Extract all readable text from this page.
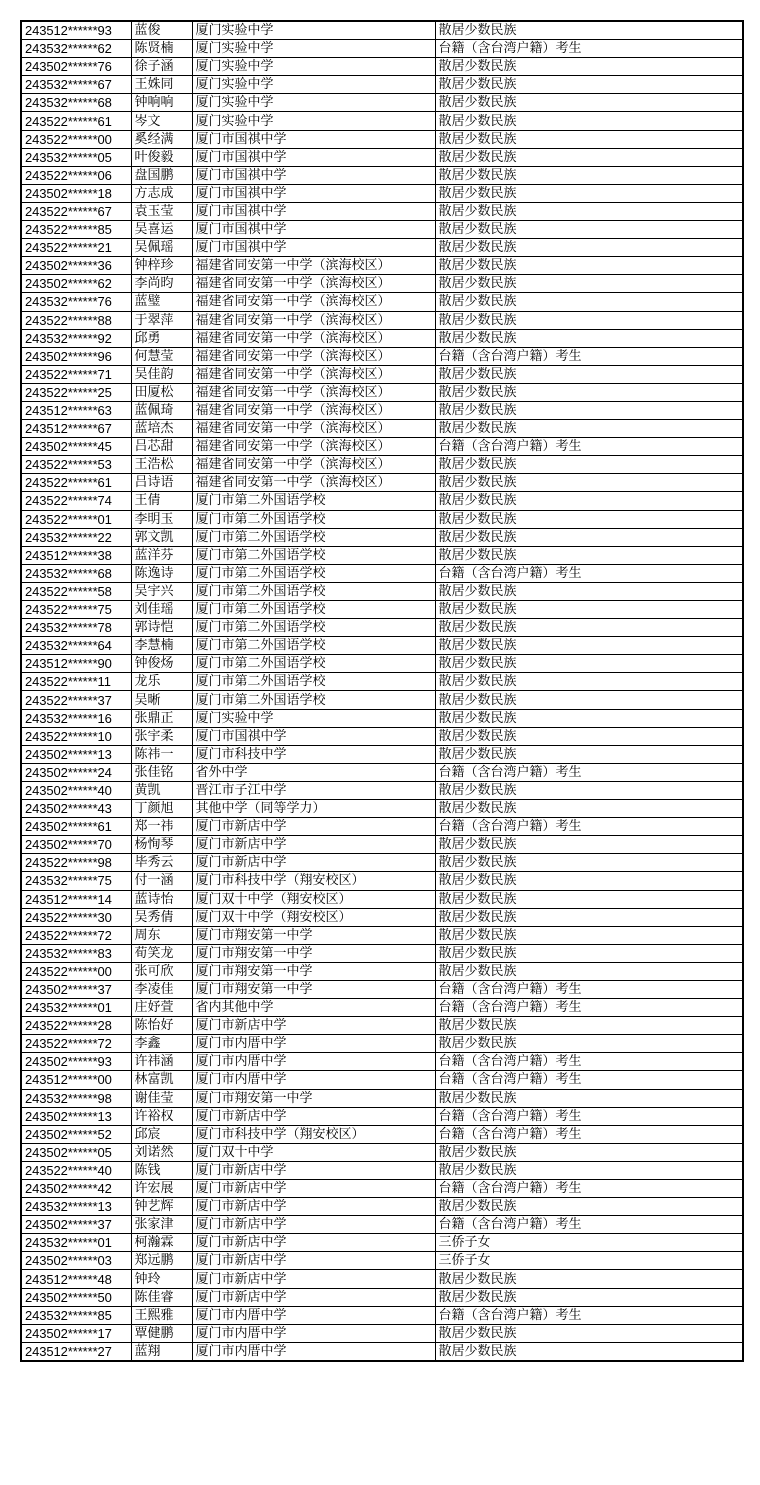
243512******93	蓝俊	厦门实验中学	散居少数民族
243532******62	陈贤楠	厦门实验中学	台籍（含台湾户籍）考生
243502******76	徐子涵	厦门实验中学	散居少数民族
243532******67	王姝同	厦门实验中学	散居少数民族
243532******68	钟响响	厦门实验中学	散居少数民族
243522******61	岑文	厦门实验中学	散居少数民族
243522******00	奚经满	厦门市国祺中学	散居少数民族
243532******05	叶俊毅	厦门市国祺中学	散居少数民族
243522******06	盘国鹏	厦门市国祺中学	散居少数民族
243502******18	方志成	厦门市国祺中学	散居少数民族
243522******67	袁玉莹	厦门市国祺中学	散居少数民族
243522******85	吴喜运	厦门市国祺中学	散居少数民族
243522******21	吴佩瑶	厦门市国祺中学	散居少数民族
243502******36	钟梓珍	福建省同安第一中学（滨海校区）	散居少数民族
243502******62	李尚昀	福建省同安第一中学（滨海校区）	散居少数民族
243532******76	蓝璧	福建省同安第一中学（滨海校区）	散居少数民族
243522******88	于翠萍	福建省同安第一中学（滨海校区）	散居少数民族
243532******92	邱勇	福建省同安第一中学（滨海校区）	散居少数民族
243502******96	何慧莹	福建省同安第一中学（滨海校区）	台籍（含台湾户籍）考生
243522******71	吴佳韵	福建省同安第一中学（滨海校区）	散居少数民族
243522******25	田厦松	福建省同安第一中学（滨海校区）	散居少数民族
243512******63	蓝佩琦	福建省同安第一中学（滨海校区）	散居少数民族
243512******67	蓝培杰	福建省同安第一中学（滨海校区）	散居少数民族
243502******45	吕芯甜	福建省同安第一中学（滨海校区）	台籍（含台湾户籍）考生
243522******53	王浩松	福建省同安第一中学（滨海校区）	散居少数民族
243522******61	吕诗语	福建省同安第一中学（滨海校区）	散居少数民族
243522******74	王倩	厦门市第二外国语学校	散居少数民族
243522******01	李明玉	厦门市第二外国语学校	散居少数民族
243532******22	郭文凯	厦门市第二外国语学校	散居少数民族
243512******38	蓝洋芬	厦门市第二外国语学校	散居少数民族
243532******68	陈逸诗	厦门市第二外国语学校	台籍（含台湾户籍）考生
243522******58	吴宇兴	厦门市第二外国语学校	散居少数民族
243522******75	刘佳瑶	厦门市第二外国语学校	散居少数民族
243532******78	郭诗恺	厦门市第二外国语学校	散居少数民族
243532******64	李慧楠	厦门市第二外国语学校	散居少数民族
243512******90	钟俊炀	厦门市第二外国语学校	散居少数民族
243522******11	龙乐	厦门市第二外国语学校	散居少数民族
243522******37	吴晰	厦门市第二外国语学校	散居少数民族
243532******16	张鼎正	厦门实验中学	散居少数民族
243522******10	张宇柔	厦门市国祺中学	散居少数民族
243502******13	陈祎一	厦门市科技中学	散居少数民族
243502******24	张佳铭	省外中学	台籍（含台湾户籍）考生
243502******40	黄凯	晋江市子江中学	散居少数民族
243502******43	丁颜旭	其他中学（同等学力）	散居少数民族
243502******61	郑一祎	厦门市新店中学	台籍（含台湾户籍）考生
243502******70	杨恂琴	厦门市新店中学	散居少数民族
243522******98	毕秀云	厦门市新店中学	散居少数民族
243532******75	付一涵	厦门市科技中学（翔安校区）	散居少数民族
243512******14	蓝诗怡	厦门双十中学（翔安校区）	散居少数民族
243522******30	吴秀倩	厦门双十中学（翔安校区）	散居少数民族
243522******72	周东	厦门市翔安第一中学	散居少数民族
243532******83	荀笑龙	厦门市翔安第一中学	散居少数民族
243522******00	张可欣	厦门市翔安第一中学	散居少数民族
243502******37	李凌佳	厦门市翔安第一中学	台籍（含台湾户籍）考生
243532******01	庄妤萱	省内其他中学	台籍（含台湾户籍）考生
243522******28	陈怡好	厦门市新店中学	散居少数民族
243522******72	李鑫	厦门市内厝中学	散居少数民族
243502******93	许祎涵	厦门市内厝中学	台籍（含台湾户籍）考生
243512******00	林富凯	厦门市内厝中学	台籍（含台湾户籍）考生
243532******98	谢佳莹	厦门市翔安第一中学	散居少数民族
243502******13	许裕权	厦门市新店中学	台籍（含台湾户籍）考生
243502******52	邱宸	厦门市科技中学（翔安校区）	台籍（含台湾户籍）考生
243502******05	刘诺然	厦门双十中学	散居少数民族
243522******40	陈钱	厦门市新店中学	散居少数民族
243502******42	许宏展	厦门市新店中学	台籍（含台湾户籍）考生
243532******13	钟艺辉	厦门市新店中学	散居少数民族
243502******37	张家津	厦门市新店中学	台籍（含台湾户籍）考生
243532******01	柯瀚霖	厦门市新店中学	三侨子女
243502******03	郑远鹏	厦门市新店中学	三侨子女
243512******48	钟玲	厦门市新店中学	散居少数民族
243502******50	陈佳睿	厦门市新店中学	散居少数民族
243532******85	王熙雅	厦门市内厝中学	台籍（含台湾户籍）考生
243502******17	覃健鹏	厦门市内厝中学	散居少数民族
243512******27	蓝翔	厦门市内厝中学	散居少数民族
